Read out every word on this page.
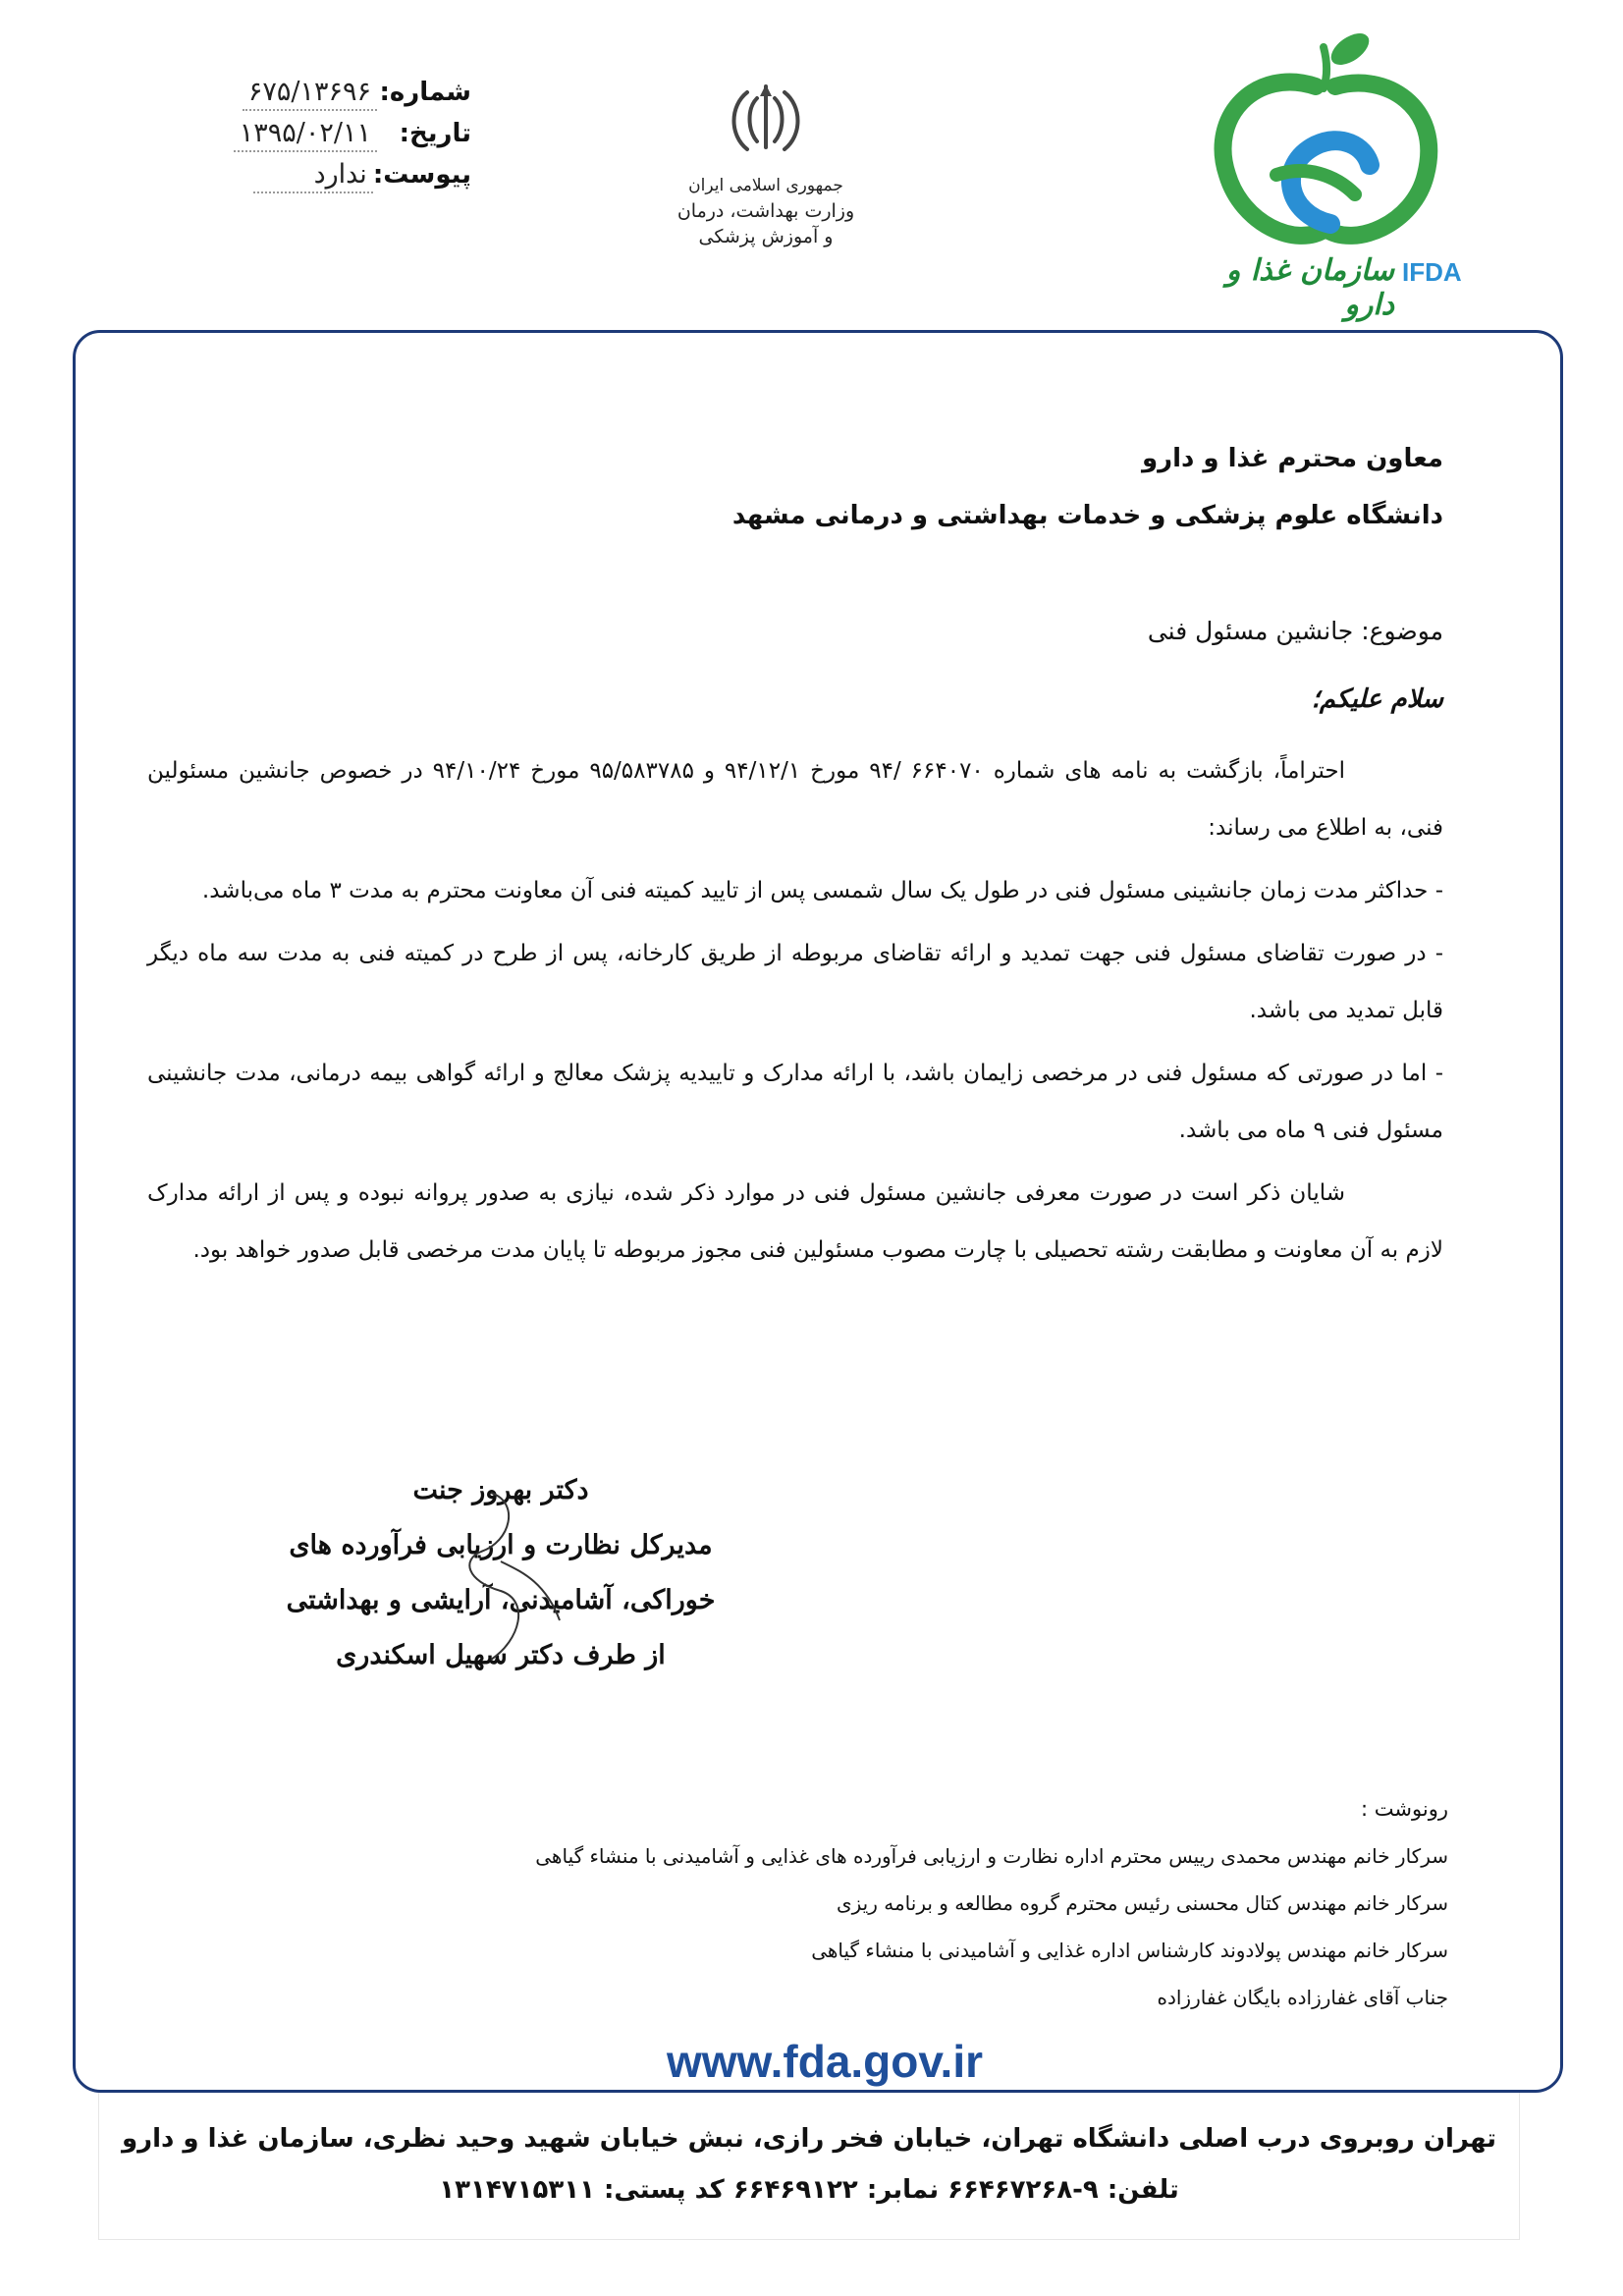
شماره:
۶۷۵/۱۳۶۹۶
تاریخ:
۱۳۹۵/۰۲/۱۱
پیوست:
ندارد	جمهوری اسلامی ایران
وزارت بهداشت، درمان
و آموزش پزشکی
سازمان غذا و دارو
IFDA
معاون محترم غذا و دارو
دانشگاه علوم پزشکی و خدمات بهداشتی و درمانی مشهد
موضوع: جانشین مسئول فنی
سلام علیکم؛

احتراماً، بازگشت به نامه های شماره ۶۶۴۰۷۰ /۹۴ مورخ ۹۴/۱۲/۱ و ۹۵/۵۸۳۷۸۵ مورخ ۹۴/۱۰/۲۴ در خصوص جانشین مسئولین فنی، به اطلاع می رساند:

- حداکثر مدت زمان جانشینی مسئول فنی در طول یک سال شمسی پس از تایید کمیته فنی آن معاونت محترم به مدت ۳ ماه می‌باشد.

- در صورت تقاضای مسئول فنی جهت تمدید و ارائه تقاضای مربوطه از طریق کارخانه، پس از طرح در کمیته فنی به مدت سه ماه دیگر قابل تمدید می باشد.

- اما در صورتی که مسئول فنی در مرخصی زایمان باشد، با ارائه مدارک و تاییدیه پزشک معالج و ارائه گواهی بیمه درمانی، مدت جانشینی مسئول فنی ۹ ماه می باشد.

شایان ذکر است در صورت معرفی جانشین مسئول فنی در موارد ذکر شده، نیازی به صدور پروانه نبوده و پس از ارائه مدارک لازم به آن معاونت و مطابقت رشته تحصیلی با چارت مصوب مسئولین فنی مجوز مربوطه تا پایان مدت مرخصی قابل صدور خواهد بود.

دکتر بهروز جنت
مدیرکل نظارت و ارزیابی فرآورده های
خوراکی، آشامیدنی، آرایشی و بهداشتی
از طرف دکتر سهیل اسکندری
رونوشت :
سرکار خانم مهندس محمدی رییس محترم اداره نظارت و ارزیابی فرآورده های غذایی و آشامیدنی با منشاء گیاهی
سرکار خانم مهندس کتال محسنی رئیس محترم گروه مطالعه و برنامه ریزی
سرکار خانم مهندس پولادوند کارشناس اداره غذایی و آشامیدنی با منشاء گیاهی
جناب آقای غفارزاده بایگان غفارزاده
www.fda.gov.ir
تهران روبروی درب اصلی دانشگاه تهران، خیابان فخر رازی، نبش خیابان شهید وحید نظری، سازمان غذا و دارو
تلفن: ۹-۶۶۴۶۷۲۶۸ نمابر: ۶۶۴۶۹۱۲۲ کد پستی: ۱۳۱۴۷۱۵۳۱۱
